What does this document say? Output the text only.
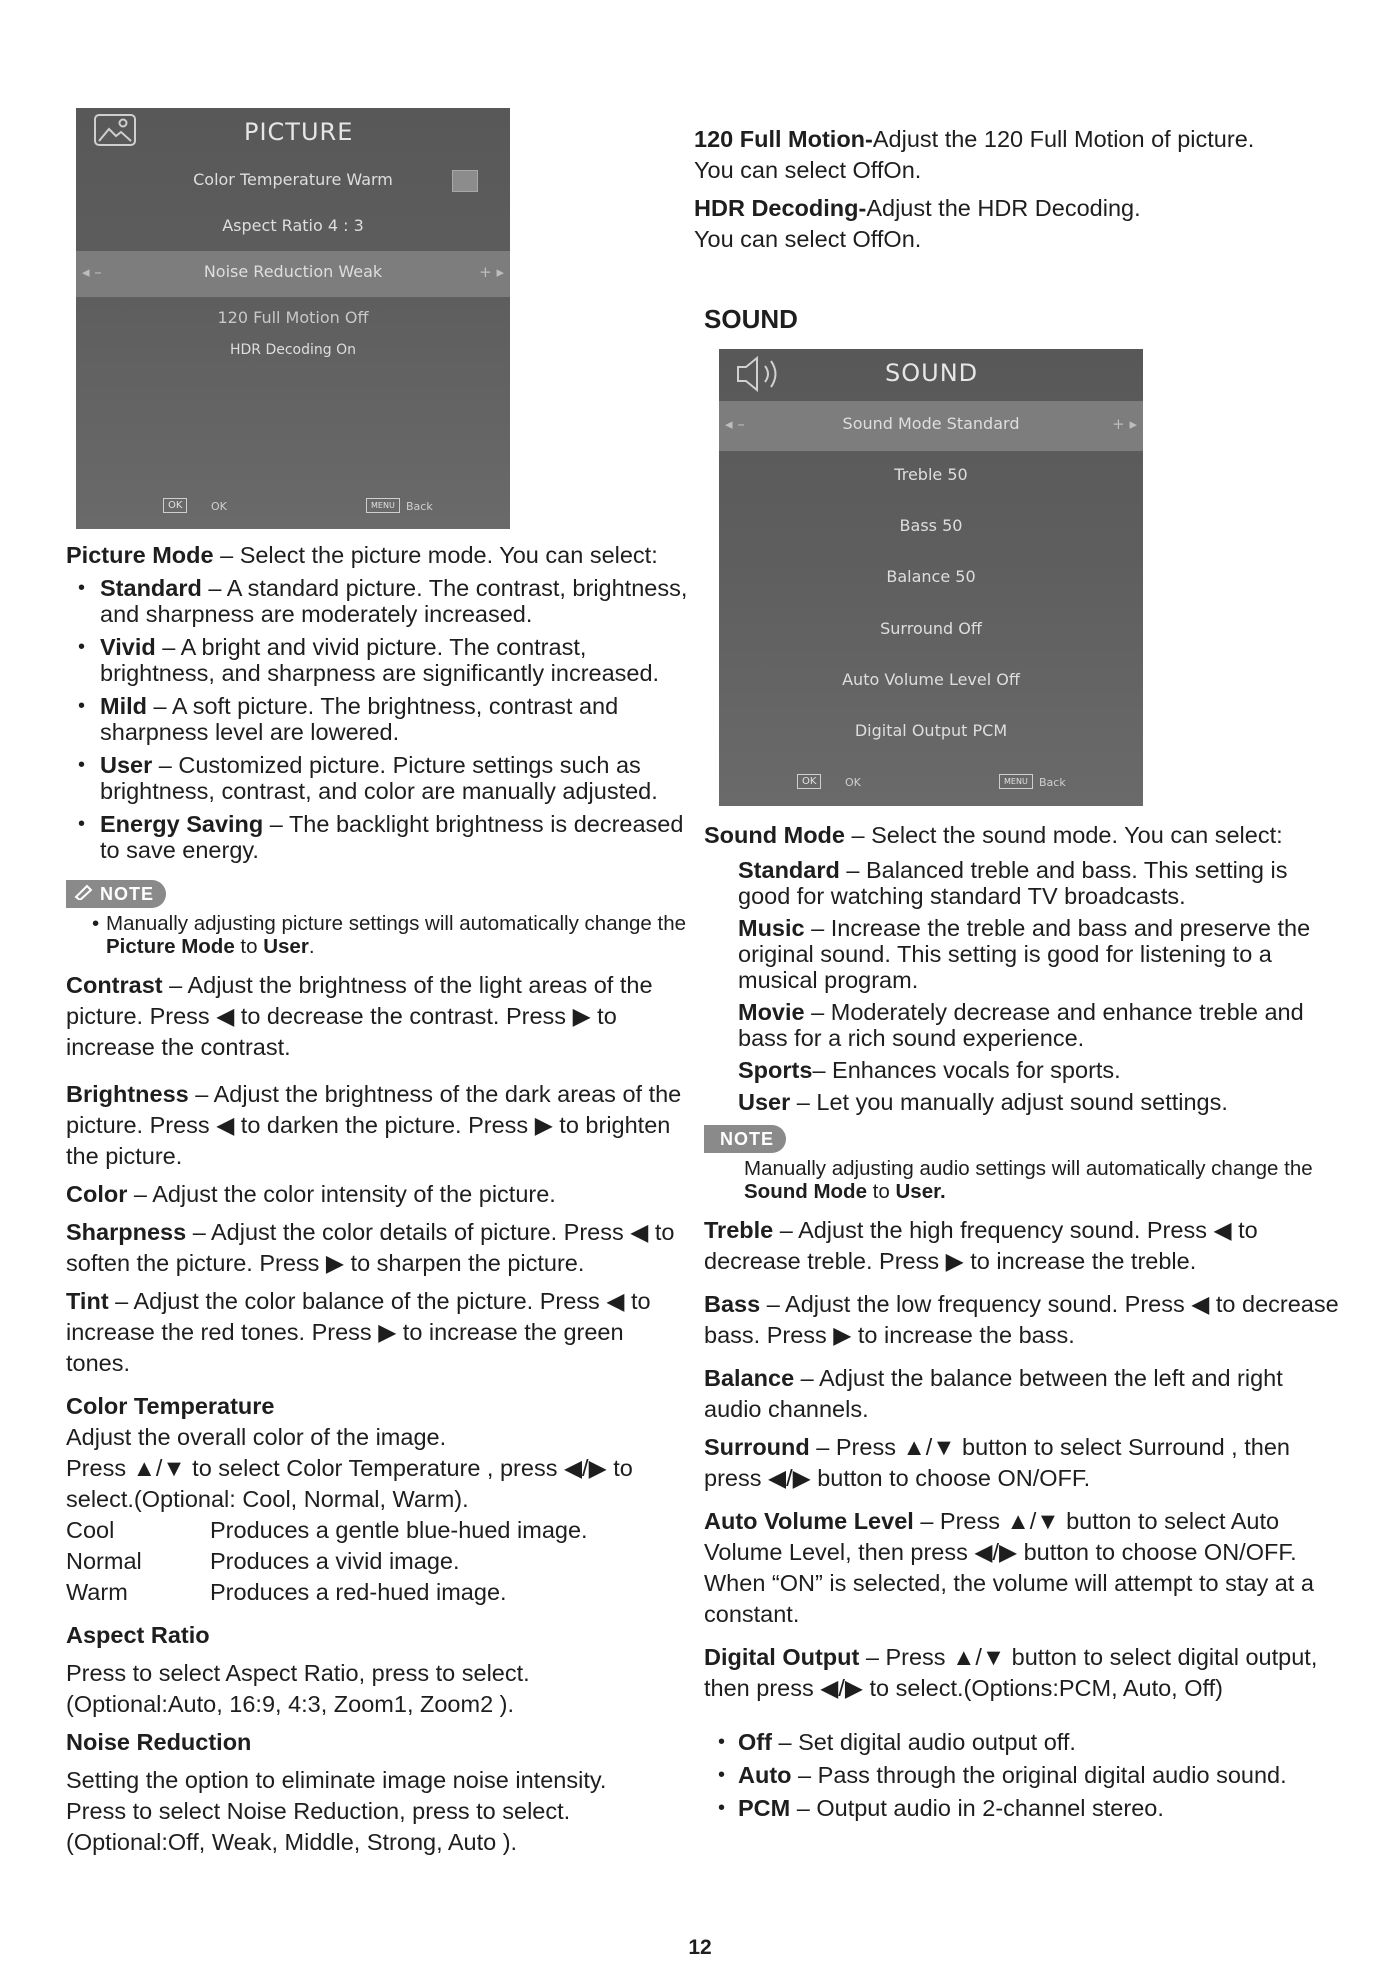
PICTURE
Color Temperature Warm
Aspect Ratio 4 : 3
◂ –	Noise Reduction Weak	+ ▸
120 Full Motion Off
HDR Decoding On
OK	OK	MENU	Back

120 Full Motion-Adjust the 120 Full Motion of picture.

You can select OffOn.

HDR Decoding-Adjust the HDR Decoding.

You can select OffOn.

SOUND
SOUND
◂ –	Sound Mode Standard	+ ▸
Treble 50
Bass 50
Balance 50
Surround Off
Auto Volume Level Off
Digital Output PCM
OK	OK	MENU	Back

Picture Mode – Select the picture mode. You can select:

• Standard – A standard picture. The contrast, brightness, and sharpness are moderately increased.
• Vivid – A bright and vivid picture. The contrast, brightness, and sharpness are significantly increased.
• Mild – A soft picture. The brightness, contrast and sharpness level are lowered.
• User – Customized picture. Picture settings such as brightness, contrast, and color are manually adjusted.
• Energy Saving – The backlight brightness is decreased to save energy.
NOTE
• Manually adjusting picture settings will automatically change the Picture Mode to User.

Contrast – Adjust the brightness of the light areas of the picture. Press ◀ to decrease the contrast. Press ▶ to increase the contrast.

Brightness – Adjust the brightness of the dark areas of the picture. Press ◀ to darken the picture. Press ▶ to brighten the picture.

Color – Adjust the color intensity of the picture.

Sharpness – Adjust the color details of picture. Press ◀ to soften the picture. Press ▶ to sharpen the picture.

Tint – Adjust the color balance of the picture. Press ◀ to increase the red tones. Press ▶ to increase the green tones.

Color Temperature

Adjust the overall color of the image.

Press ▲/▼ to select Color Temperature , press ◀/▶ to select.(Optional: Cool, Normal, Warm).

Cool	Produces a gentle blue-hued image.
Normal	Produces a vivid image.
Warm	Produces a red-hued image.

Aspect Ratio

Press to select Aspect Ratio, press to select.

(Optional:Auto, 16:9, 4:3, Zoom1, Zoom2 ).

Noise Reduction

Setting the option to eliminate image noise intensity.

Press to select Noise Reduction, press to select.

(Optional:Off, Weak, Middle, Strong, Auto ).

Sound Mode – Select the sound mode. You can select:

Standard – Balanced treble and bass. This setting is good for watching standard TV broadcasts.

Music – Increase the treble and bass and preserve the original sound. This setting is good for listening to a musical program.

Movie – Moderately decrease and enhance treble and bass for a rich sound experience.

Sports– Enhances vocals for sports.

User – Let you manually adjust sound settings.

NOTE
Manually adjusting audio settings will automatically change the Sound Mode to User.

Treble – Adjust the high frequency sound. Press ◀ to decrease treble. Press ▶ to increase the treble.

Bass – Adjust the low frequency sound. Press ◀ to decrease bass. Press ▶ to increase the bass.

Balance – Adjust the balance between the left and right audio channels.

Surround – Press ▲/▼ button to select Surround , then press ◀/▶ button to choose ON/OFF.

Auto Volume Level – Press ▲/▼ button to select Auto Volume Level, then press ◀/▶ button to choose ON/OFF.

When “ON” is selected, the volume will attempt to stay at a constant.

Digital Output – Press ▲/▼ button to select digital output, then press ◀/▶ to select.(Options:PCM, Auto, Off)

• Off – Set digital audio output off.
• Auto – Pass through the original digital audio sound.
• PCM – Output audio in 2-channel stereo.
12
